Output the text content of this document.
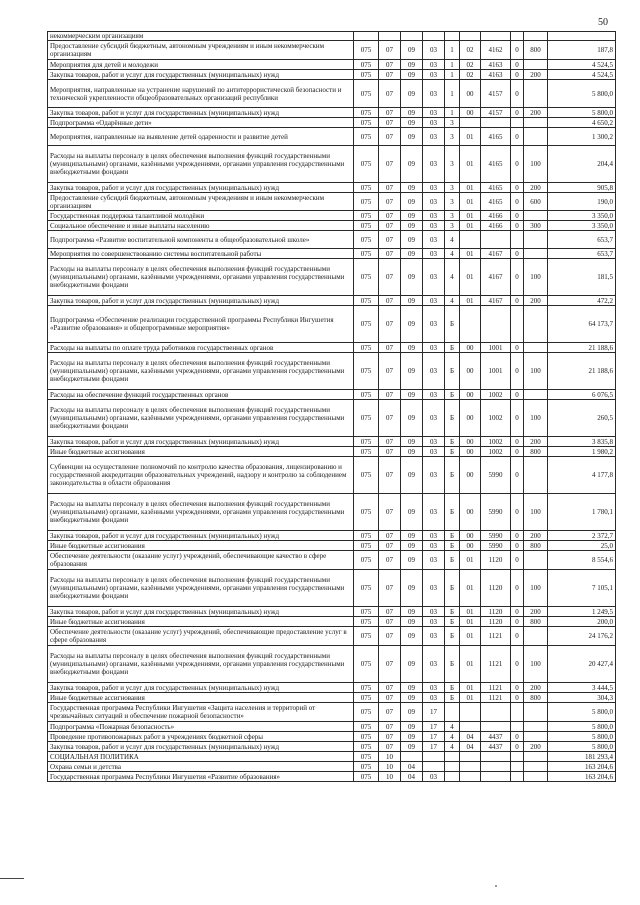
50
некоммерческим организациям										
Предоставление субсидий бюджетным, автономным учреждениям и иным некоммерческим организациям	075	07	09	03	1	02	4162	0	800	187,8
Мероприятия для детей и молодежи	075	07	09	03	1	02	4163	0		4 524,5
Закупка товаров, работ и услуг для государственных (муниципальных) нужд	075	07	09	03	1	02	4163	0	200	4 524,5
Мероприятия, направленные на устранение нарушений по антитеррористической безопасности и технической укрепленности общеобразовательных организаций республики	075	07	09	03	1	00	4157	0		5 800,0
Закупка товаров, работ и услуг для государственных (муниципальных) нужд	075	07	09	03	1	00	4157	0	200	5 800,0
Подпрограмма «Одарённые дети»	075	07	09	03	3					4 650,2
Мероприятия, направленные на выявление детей одаренности и развитие детей	075	07	09	03	3	01	4165	0		1 300,2
Расходы на выплаты персоналу в целях обеспечения выполнения функций государственными (муниципальными) органами, казёнными учреждениями, органами управления государственными внебюджетными фондами	075	07	09	03	3	01	4165	0	100	204,4
Закупка товаров, работ и услуг для государственных (муниципальных) нужд	075	07	09	03	3	01	4165	0	200	905,8
Предоставление субсидий бюджетным, автономным учреждениям и иным некоммерческим организациям	075	07	09	03	3	01	4165	0	600	190,0
Государственная поддержка талантливой молодёжи	075	07	09	03	3	01	4166	0		3 350,0
Социальное обеспечение и иные выплаты населению	075	07	09	03	3	01	4166	0	300	3 350,0
Подпрограмма «Развитие воспитательной компоненты в общеобразовательной школе»	075	07	09	03	4					653,7
Мероприятия по совершенствованию системы воспитательной работы	075	07	09	03	4	01	4167	0		653,7
Расходы на выплаты персоналу в целях обеспечения выполнения функций государственными (муниципальными) органами, казёнными учреждениями, органами управления государственными внебюджетными фондами	075	07	09	03	4	01	4167	0	100	181,5
Закупка товаров, работ и услуг для государственных (муниципальных) нужд	075	07	09	03	4	01	4167	0	200	472,2
Подпрограмма «Обеспечение реализации государственной программы Республики Ингушетия «Развитие образования» и общепрограммные мероприятия»	075	07	09	03	Б					64 173,7
Расходы на выплаты по оплате труда работников государственных органов	075	07	09	03	Б	00	1001	0		21 188,6
Расходы на выплаты персоналу в целях обеспечения выполнения функций государственными (муниципальными) органами, казёнными учреждениями, органами управления государственными внебюджетными фондами	075	07	09	03	Б	00	1001	0	100	21 188,6
Расходы на обеспечение функций государственных органов	075	07	09	03	Б	00	1002	0		6 076,5
Расходы на выплаты персоналу в целях обеспечения выполнения функций государственными (муниципальными) органами, казёнными учреждениями, органами управления государственными внебюджетными фондами	075	07	09	03	Б	00	1002	0	100	260,5
Закупка товаров, работ и услуг для государственных (муниципальных) нужд	075	07	09	03	Б	00	1002	0	200	3 835,8
Иные бюджетные ассигнования	075	07	09	03	Б	00	1002	0	800	1 980,2
Субвенции на осуществление полномочий по контролю качества образования, лицензированию и государственной аккредитации образовательных учреждений, надзору и контролю за соблюдением законодательства в области образования	075	07	09	03	Б	00	5990	0		4 177,8
Расходы на выплаты персоналу в целях обеспечения выполнения функций государственными (муниципальными) органами, казёнными учреждениями, органами управления государственными внебюджетными фондами	075	07	09	03	Б	00	5990	0	100	1 780,1
Закупка товаров, работ и услуг для государственных (муниципальных) нужд	075	07	09	03	Б	00	5990	0	200	2 372,7
Иные бюджетные ассигнования	075	07	09	03	Б	00	5990	0	800	25,0
Обеспечение деятельности (оказание услуг) учреждений, обеспечивающие качество в сфере образования	075	07	09	03	Б	01	1120	0		8 554,6
Расходы на выплаты персоналу в целях обеспечения выполнения функций государственными (муниципальными) органами, казёнными учреждениями, органами управления государственными внебюджетными фондами	075	07	09	03	Б	01	1120	0	100	7 105,1
Закупка товаров, работ и услуг для государственных (муниципальных) нужд	075	07	09	03	Б	01	1120	0	200	1 249,5
Иные бюджетные ассигнования	075	07	09	03	Б	01	1120	0	800	200,0
Обеспечение деятельности (оказание услуг) учреждений, обеспечивающие предоставление услуг в сфере образования	075	07	09	03	Б	01	1121	0		24 176,2
Расходы на выплаты персоналу в целях обеспечения выполнения функций государственными (муниципальными) органами, казёнными учреждениями, органами управления государственными внебюджетными фондами	075	07	09	03	Б	01	1121	0	100	20 427,4
Закупка товаров, работ и услуг для государственных (муниципальных) нужд	075	07	09	03	Б	01	1121	0	200	3 444,5
Иные бюджетные ассигнования	075	07	09	03	Б	01	1121	0	800	304,3
Государственная программа Республики Ингушетия «Защита населения и территорий от чрезвычайных ситуаций и обеспечение пожарной безопасности»	075	07	09	17						5 800,0
Подпрограмма «Пожарная безопасность»	075	07	09	17	4					5 800,0
Проведение противопожарных работ в учреждениях бюджетной сферы	075	07	09	17	4	04	4437	0		5 800,0
Закупка товаров, работ и услуг для государственных (муниципальных) нужд	075	07	09	17	4	04	4437	0	200	5 800,0
СОЦИАЛЬНАЯ ПОЛИТИКА	075	10								181 293,4
Охрана семьи и детства	075	10	04							163 204,6
Государственная программа Республики Ингушетия «Развитие образования»	075	10	04	03						163 204,6
